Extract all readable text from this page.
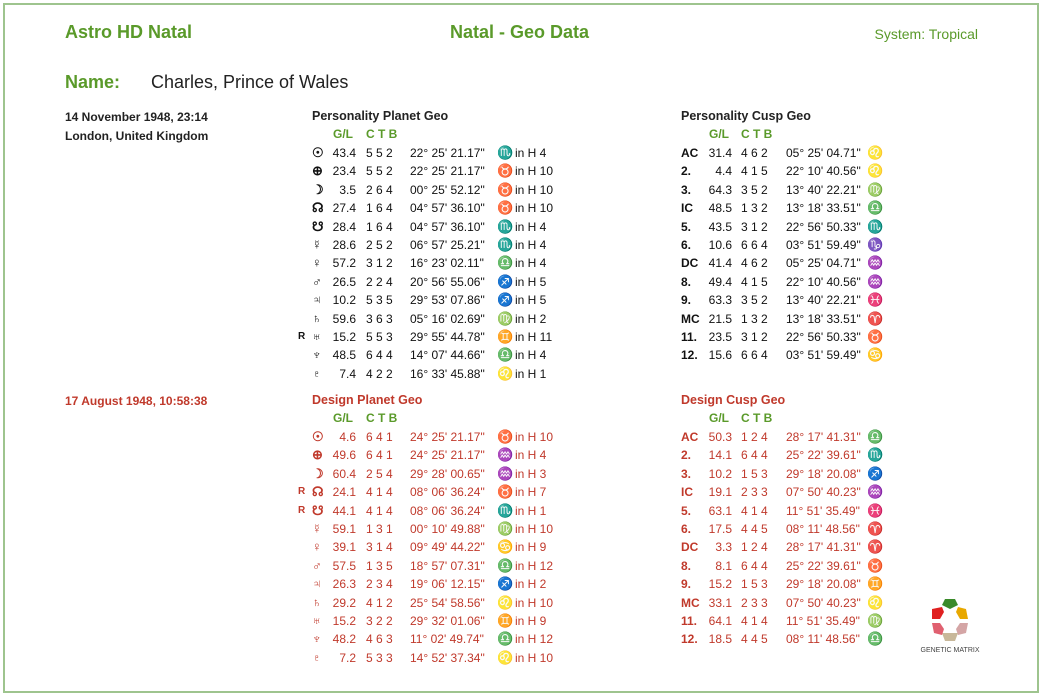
Astro HD Natal	Natal - Geo Data	System: Tropical
Name: Charles, Prince of Wales
14 November 1948, 23:14
London, United Kingdom
17 August 1948, 10:58:38
Personality Planet Geo
G/L C T B
☉ 43.4 5 5 2 22° 25' 21.17" ♏ in H 4
⊕ 23.4 5 5 2 22° 25' 21.17" ♉ in H 10
☽ 3.5 2 6 4 00° 25' 52.12" ♉ in H 10
☊ 27.4 1 6 4 04° 57' 36.10" ♉ in H 10
☋ 28.4 1 6 4 04° 57' 36.10" ♏ in H 4
☿ 28.6 2 5 2 06° 57' 25.21" ♏ in H 4
♀ 57.2 3 1 2 16° 23' 02.11" ♎ in H 4
♂ 26.5 2 2 4 20° 56' 55.06" ♐ in H 5
♃ 10.2 5 3 5 29° 53' 07.86" ♐ in H 5
♄ 59.6 3 6 3 05° 16' 02.69" ♍ in H 2
R ♅ 15.2 5 5 3 29° 55' 44.78" ♊ in H 11
♆ 48.5 6 4 4 14° 07' 44.66" ♎ in H 4
♇ 7.4 4 2 2 16° 33' 45.88" ♌ in H 1
Personality Cusp Geo
G/L C T B
AC 31.4 4 6 2 05° 25' 04.71" ♌
2. 4.4 4 1 5 22° 10' 40.56" ♌
3. 64.3 3 5 2 13° 40' 22.21" ♍
IC 48.5 1 3 2 13° 18' 33.51" ♎
5. 43.5 3 1 2 22° 56' 50.33" ♏
6. 10.6 6 6 4 03° 51' 59.49" ♑
DC 41.4 4 6 2 05° 25' 04.71" ♒
8. 49.4 4 1 5 22° 10' 40.56" ♒
9. 63.3 3 5 2 13° 40' 22.21" ♓
MC 21.5 1 3 2 13° 18' 33.51" ♈
11. 23.5 3 1 2 22° 56' 50.33" ♉
12. 15.6 6 6 4 03° 51' 59.49" ♋
Design Planet Geo
G/L C T B
☉ 4.6 6 4 1 24° 25' 21.17" ♉ in H 10
⊕ 49.6 6 4 1 24° 25' 21.17" ♒ in H 4
☽ 60.4 2 5 4 29° 28' 00.65" ♒ in H 3
R ☊ 24.1 4 1 4 08° 06' 36.24" ♉ in H 7
R ☋ 44.1 4 1 4 08° 06' 36.24" ♏ in H 1
☿ 59.1 1 3 1 00° 10' 49.88" ♍ in H 10
♀ 39.1 3 1 4 09° 49' 44.22" ♋ in H 9
♂ 57.5 1 3 5 18° 57' 07.31" ♎ in H 12
♃ 26.3 2 3 4 19° 06' 12.15" ♐ in H 2
♄ 29.2 4 1 2 25° 54' 58.56" ♌ in H 10
♅ 15.2 3 2 2 29° 32' 01.06" ♊ in H 9
♆ 48.2 4 6 3 11° 02' 49.74" ♎ in H 12
♇ 7.2 5 3 3 14° 52' 37.34" ♌ in H 10
Design Cusp Geo
G/L C T B
AC 50.3 1 2 4 28° 17' 41.31" ♎
2. 14.1 6 4 4 25° 22' 39.61" ♏
3. 10.2 1 5 3 29° 18' 20.08" ♐
IC 19.1 2 3 3 07° 50' 40.23" ♒
5. 63.1 4 1 4 11° 51' 35.49" ♓
6. 17.5 4 4 5 08° 11' 48.56" ♈
DC 3.3 1 2 4 28° 17' 41.31" ♈
8. 8.1 6 4 4 25° 22' 39.61" ♉
9. 15.2 1 5 3 29° 18' 20.08" ♊
MC 33.1 2 3 3 07° 50' 40.23" ♌
11. 64.1 4 1 4 11° 51' 35.49" ♍
12. 18.5 4 4 5 08° 11' 48.56" ♎
GENETIC MATRIX
